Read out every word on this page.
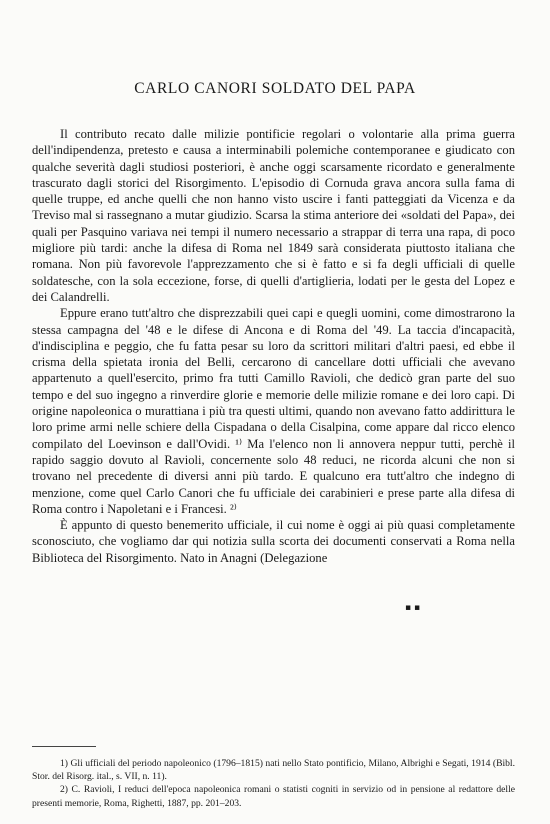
CARLO CANORI SOLDATO DEL PAPA

Il contributo recato dalle milizie pontificie regolari o volontarie alla prima guerra dell'indipendenza, pretesto e causa a interminabili polemiche contemporanee e giudicato con qualche severità dagli studiosi posteriori, è anche oggi scarsamente ricordato e generalmente trascurato dagli storici del Risorgimento. L'episodio di Cornuda grava ancora sulla fama di quelle truppe, ed anche quelli che non hanno visto uscire i fanti patteggiati da Vicenza e da Treviso mal si rassegnano a mutar giudizio. Scarsa la stima anteriore dei «soldati del Papa», dei quali per Pasquino variava nei tempi il numero necessario a strappar di terra una rapa, di poco migliore più tardi: anche la difesa di Roma nel 1849 sarà considerata piuttosto italiana che romana. Non più favorevole l'apprezzamento che si è fatto e si fa degli ufficiali di quelle soldatesche, con la sola eccezione, forse, di quelli d'artiglieria, lodati per le gesta del Lopez e dei Calandrelli.

Eppure erano tutt'altro che disprezzabili quei capi e quegli uomini, come dimostrarono la stessa campagna del '48 e le difese di Ancona e di Roma del '49. La taccia d'incapacità, d'indisciplina e peggio, che fu fatta pesar su loro da scrittori militari d'altri paesi, ed ebbe il crisma della spietata ironia del Belli, cercarono di cancellare dotti ufficiali che avevano appartenuto a quell'esercito, primo fra tutti Camillo Ravioli, che dedicò gran parte del suo tempo e del suo ingegno a rinverdire glorie e memorie delle milizie romane e dei loro capi. Di origine napoleonica o murattiana i più tra questi ultimi, quando non avevano fatto addirittura le loro prime armi nelle schiere della Cispadana o della Cisalpina, come appare dal ricco elenco compilato del Loevinson e dall'Ovidi. ¹⁾ Ma l'elenco non li annovera neppur tutti, perchè il rapido saggio dovuto al Ravioli, concernente solo 48 reduci, ne ricorda alcuni che non si trovano nel precedente di diversi anni più tardo. E qualcuno era tutt'altro che indegno di menzione, come quel Carlo Canori che fu ufficiale dei carabinieri e prese parte alla difesa di Roma contro i Napoletani e i Francesi. ²⁾

È appunto di questo benemerito ufficiale, il cui nome è oggi ai più quasi completamente sconosciuto, che vogliamo dar qui notizia sulla scorta dei documenti conservati a Roma nella Biblioteca del Risorgimento. Nato in Anagni (Delegazione

▪ ▪

1) Gli ufficiali del periodo napoleonico (1796–1815) nati nello Stato pontificio, Milano, Albrighi e Segati, 1914 (Bibl. Stor. del Risorg. ital., s. VII, n. 11).

2) C. Ravioli, I reduci dell'epoca napoleonica romani o statisti cogniti in servizio od in pensione al redattore delle presenti memorie, Roma, Righetti, 1887, pp. 201–203.
